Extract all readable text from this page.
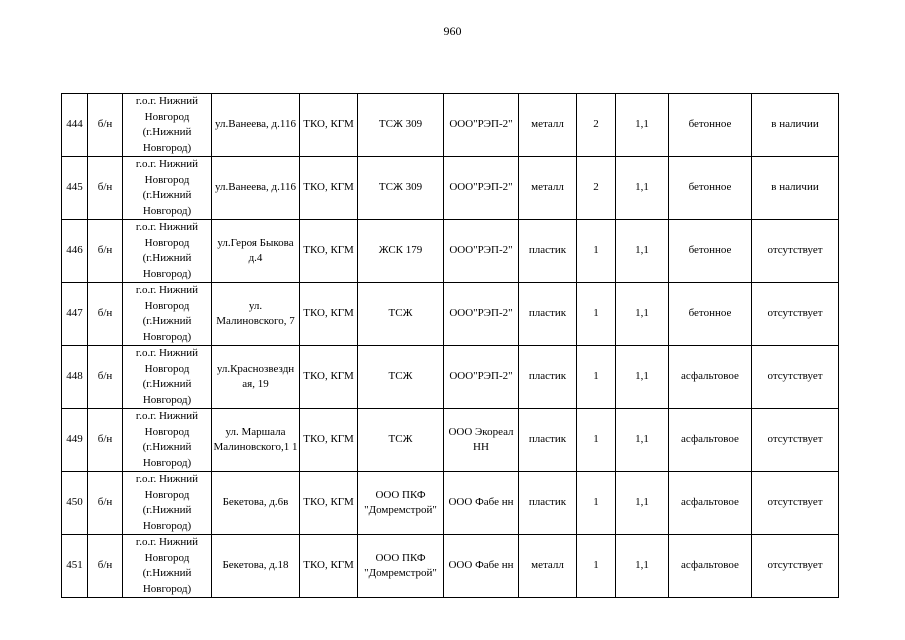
960
444	б/н	г.о.г. Нижний Новгород (г.Нижний Новгород)	ул.Ванеева, д.116	ТКО, КГМ	ТСЖ 309	ООО"РЭП-2"	металл	2	1,1	бетонное	в наличии
445	б/н	г.о.г. Нижний Новгород (г.Нижний Новгород)	ул.Ванеева, д.116	ТКО, КГМ	ТСЖ 309	ООО"РЭП-2"	металл	2	1,1	бетонное	в наличии
446	б/н	г.о.г. Нижний Новгород (г.Нижний Новгород)	ул.Героя Быкова д.4	ТКО, КГМ	ЖСК 179	ООО"РЭП-2"	пластик	1	1,1	бетонное	отсутствует
447	б/н	г.о.г. Нижний Новгород (г.Нижний Новгород)	ул. Малиновского, 7	ТКО, КГМ	ТСЖ	ООО"РЭП-2"	пластик	1	1,1	бетонное	отсутствует
448	б/н	г.о.г. Нижний Новгород (г.Нижний Новгород)	ул.Краснозвездн ая, 19	ТКО, КГМ	ТСЖ	ООО"РЭП-2"	пластик	1	1,1	асфальтовое	отсутствует
449	б/н	г.о.г. Нижний Новгород (г.Нижний Новгород)	ул. Маршала Малиновского,1 1	ТКО, КГМ	ТСЖ	ООО Экореал НН	пластик	1	1,1	асфальтовое	отсутствует
450	б/н	г.о.г. Нижний Новгород (г.Нижний Новгород)	Бекетова, д.6в	ТКО, КГМ	ООО ПКФ "Домремстрой"	ООО Фабе нн	пластик	1	1,1	асфальтовое	отсутствует
451	б/н	г.о.г. Нижний Новгород (г.Нижний Новгород)	Бекетова, д.18	ТКО, КГМ	ООО ПКФ "Домремстрой"	ООО Фабе нн	металл	1	1,1	асфальтовое	отсутствует
